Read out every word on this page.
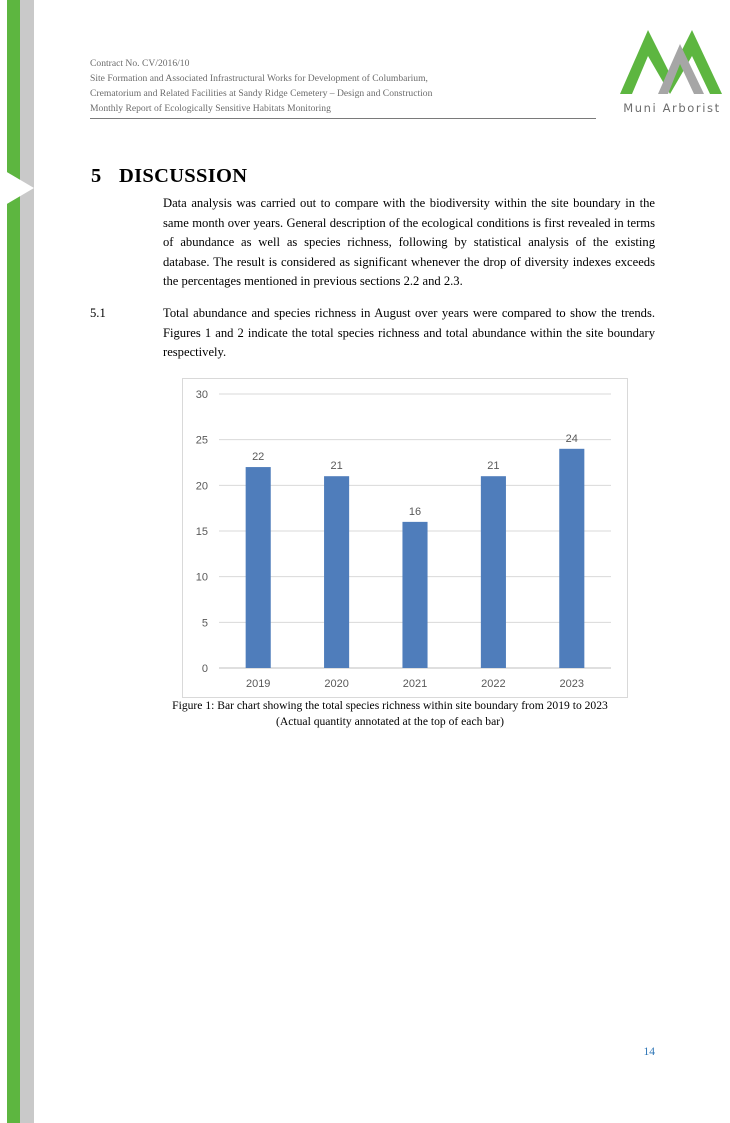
Contract No. CV/2016/10
Site Formation and Associated Infrastructural Works for Development of Columbarium,
Crematorium and Related Facilities at Sandy Ridge Cemetery – Design and Construction
Monthly Report of Ecologically Sensitive Habitats Monitoring	Muni Arborist
5 DISCUSSION
Data analysis was carried out to compare with the biodiversity within the site boundary in the same month over years. General description of the ecological conditions is first revealed in terms of abundance as well as species richness, following by statistical analysis of the existing database. The result is considered as significant whenever the drop of diversity indexes exceeds the percentages mentioned in previous sections 2.2 and 2.3.
5.1	Total abundance and species richness in August over years were compared to show the trends. Figures 1 and 2 indicate the total species richness and total abundance within the site boundary respectively.
0
5
10
15
20
25
30
22
2019
21
2020
16
2021
21
2022
24
2023
Figure 1: Bar chart showing the total species richness within site boundary from 2019 to 2023
(Actual quantity annotated at the top of each bar)
14
